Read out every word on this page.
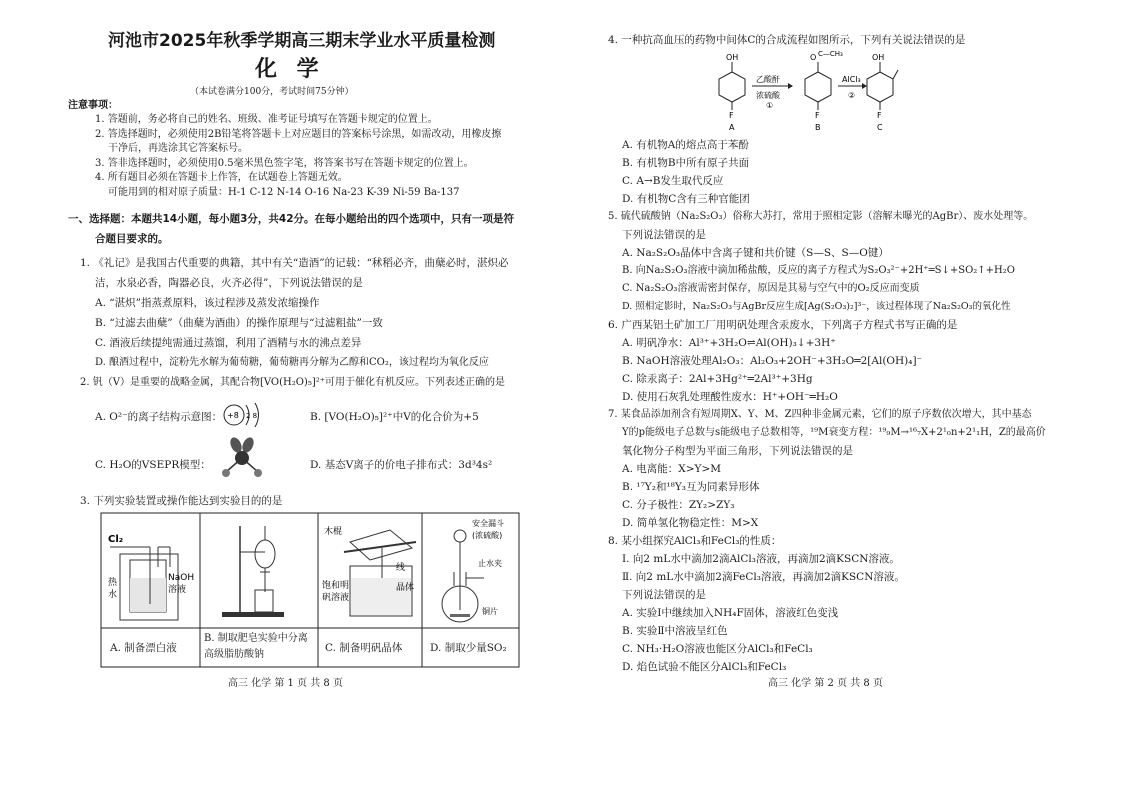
河池市2025年秋季学期高三期末学业水平质量检测
化 学
（本试卷满分100分，考试时间75分钟）
注意事项：
1. 答题前，务必将自己的姓名、班级、准考证号填写在答题卡规定的位置上。
2. 答选择题时，必须使用2B铅笔将答题卡上对应题目的答案标号涂黑，如需改动，用橡皮擦
干净后，再选涂其它答案标号。
3. 答非选择题时，必须使用0.5毫米黑色签字笔，将答案书写在答题卡规定的位置上。
4. 所有题目必须在答题卡上作答，在试题卷上答题无效。
可能用到的相对原子质量：H-1 C-12 N-14 O-16 Na-23 K-39 Ni-59 Ba-137
一、选择题：本题共14小题，每小题3分，共42分。在每小题给出的四个选项中，只有一项是符
合题目要求的。
1. 《礼记》是我国古代重要的典籍，其中有关“造酒”的记载：“秫稻必齐，曲蘖必时，湛炽必
洁，水泉必香，陶器必良，火齐必得”，下列说法错误的是
A. “湛炽”指蒸煮原料，该过程涉及蒸发浓缩操作
B. “过滤去曲蘖”（曲蘖为酒曲）的操作原理与“过滤粗盐”一致
C. 酒液后续提纯需通过蒸馏，利用了酒精与水的沸点差异
D. 酿酒过程中，淀粉先水解为葡萄糖，葡萄糖再分解为乙醇和CO₂，该过程均为氧化反应
2. 钒（V）是重要的战略金属，其配合物[VO(H₂O)₅]²⁺可用于催化有机反应。下列表述正确的是
A. O²⁻的离子结构示意图： +8 2 8	B. [VO(H₂O)₅]²⁺中V的化合价为+5
C. H₂O的VSEPR模型：	D. 基态V离子的价电子排布式：3d³4s²
3. 下列实验装置或操作能达到实验目的的是
Cl₂
热
水
NaOH
溶液
木棍
线
饱和明
矾溶液
晶体
安全漏斗
(浓硫酸)
止水夹
铜片
A. 制备漂白液
B. 制取肥皂实验中分离
高级脂肪酸钠
C. 制备明矾晶体	D. 制取少量SO₂
高三 化学 第 1 页 共 8 页
4. 一种抗高血压的药物中间体C的合成流程如图所示，下列有关说法错误的是
OH
F
A
乙酸酐
浓硫酸
①
O C—CH₃
F
B
AlCl₃
②
OH
F
C
A. 有机物A的熔点高于苯酚
B. 有机物B中所有原子共面
C. A→B发生取代反应
D. 有机物C含有三种官能团
5. 硫代硫酸钠（Na₂S₂O₃）俗称大苏打，常用于照相定影（溶解未曝光的AgBr）、废水处理等。
下列说法错误的是
A. Na₂S₂O₃晶体中含离子键和共价键（S—S、S—O键）
B. 向Na₂S₂O₃溶液中滴加稀盐酸，反应的离子方程式为S₂O₃²⁻+2H⁺═S↓+SO₂↑+H₂O
C. Na₂S₂O₃溶液需密封保存，原因是其易与空气中的O₂反应而变质
D. 照相定影时，Na₂S₂O₃与AgBr反应生成[Ag(S₂O₃)₂]³⁻，该过程体现了Na₂S₂O₃的氧化性
6. 广西某铝土矿加工厂用明矾处理含汞废水，下列离子方程式书写正确的是
A. 明矾净水：Al³⁺+3H₂O⇌Al(OH)₃↓+3H⁺
B. NaOH溶液处理Al₂O₃：Al₂O₃+2OH⁻+3H₂O═2[Al(OH)₄]⁻
C. 除汞离子：2Al+3Hg²⁺═2Al³⁺+3Hg
D. 使用石灰乳处理酸性废水：H⁺+OH⁻═H₂O
7. 某食品添加剂含有短周期X、Y、M、Z四种非金属元素，它们的原子序数依次增大，其中基态
Y的p能级电子总数与s能级电子总数相等，¹⁹M衰变方程：¹⁹₉M→¹⁶₇X+2¹₀n+2¹₁H，Z的最高价
氧化物分子构型为平面三角形，下列说法错误的是
A. 电离能：X>Y>M
B. ¹⁷Y₂和¹⁸Y₃互为同素异形体
C. 分子极性：ZY₂>ZY₃
D. 简单氢化物稳定性：M>X
8. 某小组探究AlCl₃和FeCl₃的性质：
Ⅰ. 向2 mL水中滴加2滴AlCl₃溶液，再滴加2滴KSCN溶液。
Ⅱ. 向2 mL水中滴加2滴FeCl₃溶液，再滴加2滴KSCN溶液。
下列说法错误的是
A. 实验Ⅰ中继续加入NH₄F固体，溶液红色变浅
B. 实验Ⅱ中溶液呈红色
C. NH₃·H₂O溶液也能区分AlCl₃和FeCl₃
D. 焰色试验不能区分AlCl₃和FeCl₃
高三 化学 第 2 页 共 8 页
